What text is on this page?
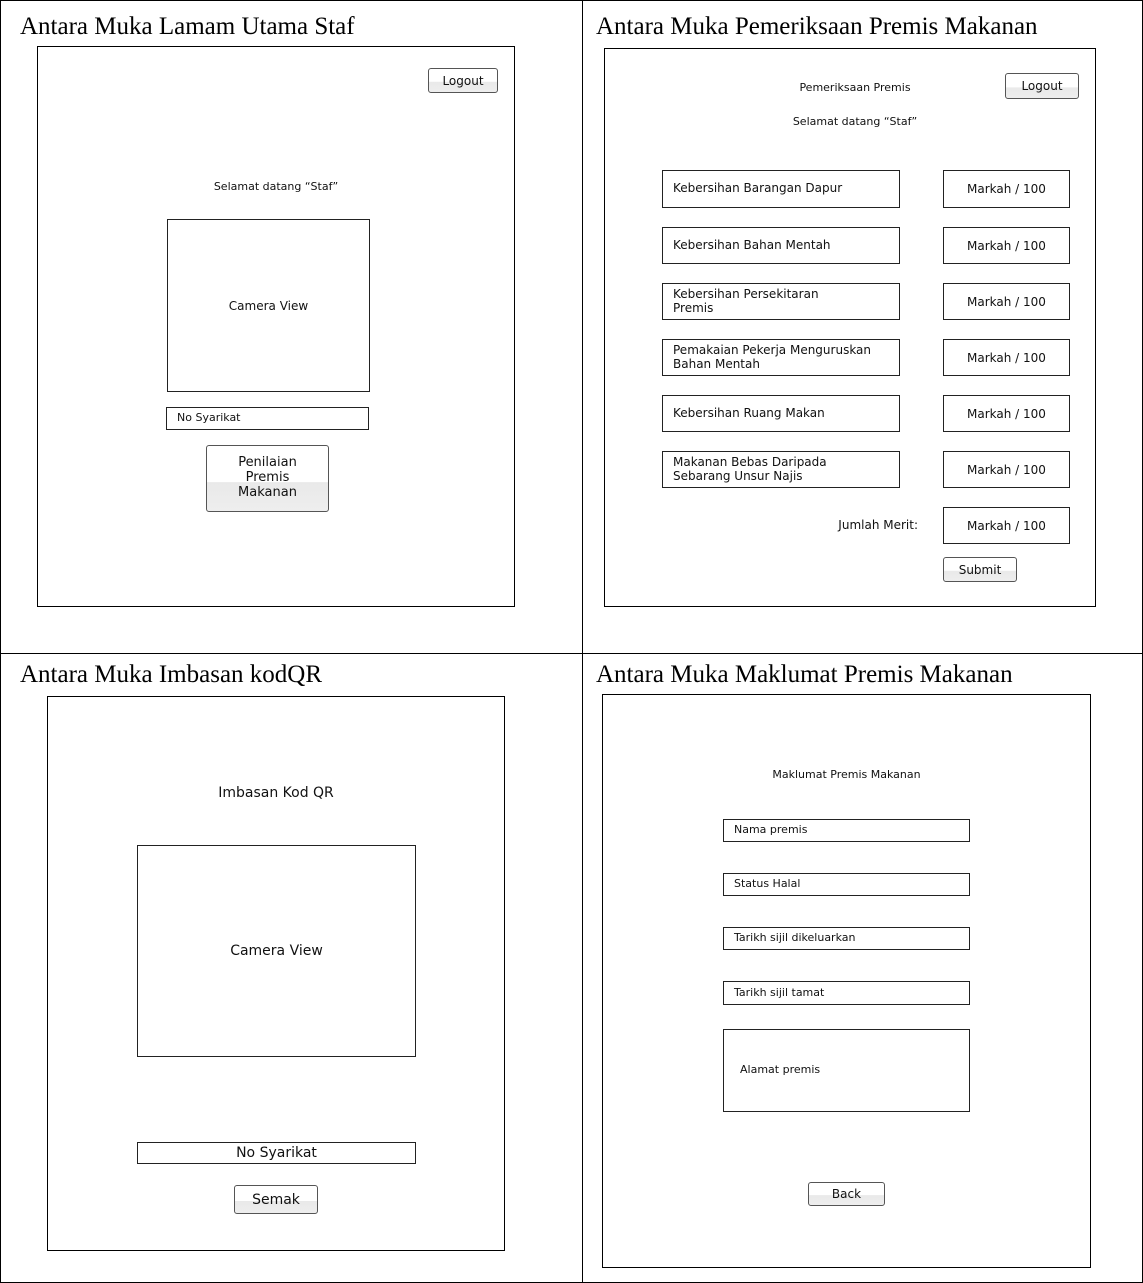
Antara Muka Lamam Utama Staf
Logout
Selamat datang “Staf”
Camera View
No Syarikat
Penilaian Premis Makanan
Antara Muka Pemeriksaan Premis Makanan
Pemeriksaan Premis	Logout
Selamat datang “Staf”
Kebersihan Barangan Dapur	Markah / 100
Kebersihan Bahan Mentah	Markah / 100
Kebersihan Persekitaran Premis	Markah / 100
Pemakaian Pekerja Menguruskan Bahan Mentah	Markah / 100
Kebersihan Ruang Makan	Markah / 100
Makanan Bebas Daripada Sebarang Unsur Najis	Markah / 100
Jumlah Merit:	Markah / 100
Submit
Antara Muka Imbasan kodQR
Imbasan Kod QR
Camera View
No Syarikat
Semak
Antara Muka Maklumat Premis Makanan
Maklumat Premis Makanan
Nama premis
Status Halal
Tarikh sijil dikeluarkan
Tarikh sijil tamat
Alamat premis
Back
